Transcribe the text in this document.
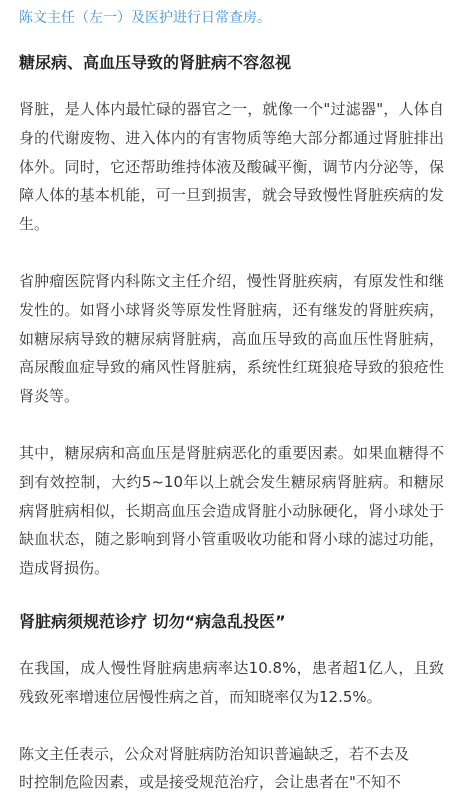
陈文主任（左一）及医护进行日常查房。
糖尿病、高血压导致的肾脏病不容忽视

肾脏，是人体内最忙碌的器官之一，就像一个"过滤器"，人体自身的代谢废物、进入体内的有害物质等绝大部分都通过肾脏排出体外。同时，它还帮助维持体液及酸碱平衡，调节内分泌等，保障人体的基本机能，可一旦到损害，就会导致慢性肾脏疾病的发生。

省肿瘤医院肾内科陈文主任介绍，慢性肾脏疾病，有原发性和继发性的。如肾小球肾炎等原发性肾脏病，还有继发的肾脏疾病，如糖尿病导致的糖尿病肾脏病，高血压导致的高血压性肾脏病，高尿酸血症导致的痛风性肾脏病，系统性红斑狼疮导致的狼疮性肾炎等。

其中，糖尿病和高血压是肾脏病恶化的重要因素。如果血糖得不到有效控制，大约5~10年以上就会发生糖尿病肾脏病。和糖尿病肾脏病相似，长期高血压会造成肾脏小动脉硬化，肾小球处于缺血状态，随之影响到肾小管重吸收功能和肾小球的滤过功能，造成肾损伤。

肾脏病须规范诊疗 切勿“病急乱投医”

在我国，成人慢性肾脏病患病率达10.8%，患者超1亿人，且致残致死率增速位居慢性病之首，而知晓率仅为12.5%。

陈文主任表示，公众对肾脏病防治知识普遍缺乏，若不去及
时控制危险因素，或是接受规范治疗，会让患者在"不知不
